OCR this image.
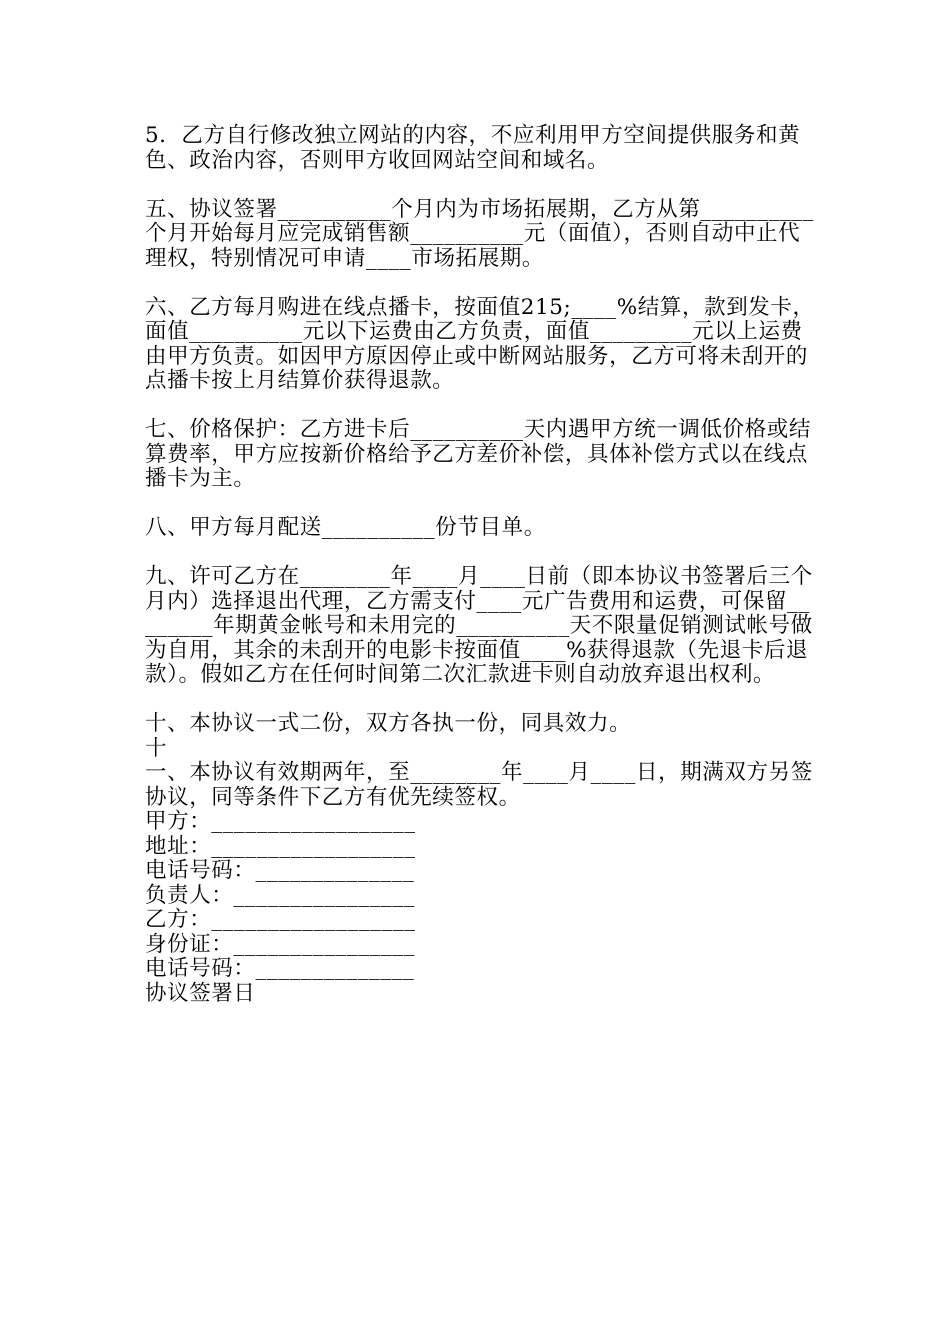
5．乙方自行修改独立网站的内容，不应利用甲方空间提供服务和黄色、政治内容，否则甲方收回网站空间和域名。

五、协议签署__________个月内为市场拓展期，乙方从第__________个月开始每月应完成销售额__________元（面值），否则自动中止代理权，特别情况可申请____市场拓展期。

六、乙方每月购进在线点播卡，按面值215;____%结算，款到发卡，面值__________元以下运费由乙方负责，面值_________元以上运费由甲方负责。如因甲方原因停止或中断网站服务，乙方可将未刮开的点播卡按上月结算价获得退款。

七、价格保护：乙方进卡后__________天内遇甲方统一调低价格或结算费率，甲方应按新价格给予乙方差价补偿，具体补偿方式以在线点播卡为主。

八、甲方每月配送__________份节目单。

九、许可乙方在________年____月____日前（即本协议书签署后三个月内）选择退出代理，乙方需支付____元广告费用和运费，可保留________年期黄金帐号和未用完的__________天不限量促销测试帐号做为自用，其余的未刮开的电影卡按面值____%获得退款（先退卡后退款）。假如乙方在任何时间第二次汇款进卡则自动放弃退出权利。

十、本协议一式二份，双方各执一份，同具效力。

十

一、本协议有效期两年，至________年____月____日，期满双方另签协议，同等条件下乙方有优先续签权。

甲方：__________________

地址：__________________

电话号码：______________

负责人：________________

乙方：__________________

身份证：________________

电话号码：______________

协议签署日
